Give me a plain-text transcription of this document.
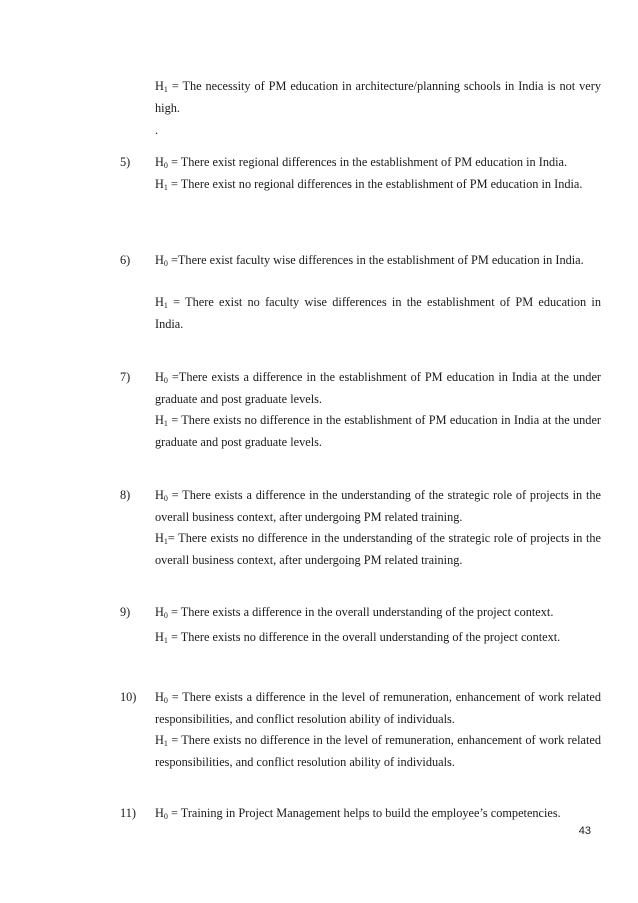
$H_1$ = The necessity of PM education in architecture/planning schools in India is not very high.

.

5) $H_0$ = There exist regional differences in the establishment of PM education in India.

$H_1$ = There exist no regional differences in the establishment of PM education in India.

6) $H_0$ =There exist faculty wise differences in the establishment of PM education in India.

$H_1$ = There exist no faculty wise differences in the establishment of PM education in India.

7) $H_0$ =There exists a difference in the establishment of PM education in India at the under graduate and post graduate levels.

$H_1$ = There exists no difference in the establishment of PM education in India at the under graduate and post graduate levels.

8) $H_0$ = There exists a difference in the understanding of the strategic role of projects in the overall business context, after undergoing PM related training.

$H_1=$ There exists no difference in the understanding of the strategic role of projects in the overall business context, after undergoing PM related training.

9) $H_0$ = There exists a difference in the overall understanding of the project context.

$H_1$ = There exists no difference in the overall understanding of the project context.

10) $H_0$ = There exists a difference in the level of remuneration, enhancement of work related responsibilities, and conflict resolution ability of individuals.

$H_1$ = There exists no difference in the level of remuneration, enhancement of work related responsibilities, and conflict resolution ability of individuals.

11) $H_0$ = Training in Project Management helps to build the employee’s competencies.

43
